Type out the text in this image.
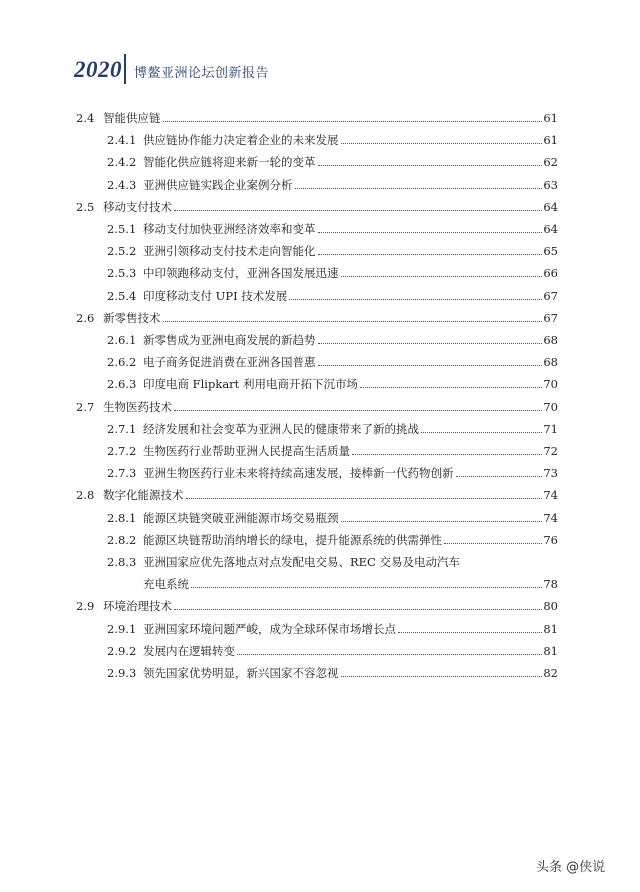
2020 博鳌亚洲论坛创新报告
2.4 智能供应链	61
2.4.1 供应链协作能力决定着企业的未来发展	61
2.4.2 智能化供应链将迎来新一轮的变革	62
2.4.3 亚洲供应链实践企业案例分析	63
2.5 移动支付技术	64
2.5.1 移动支付加快亚洲经济效率和变革	64
2.5.2 亚洲引领移动支付技术走向智能化	65
2.5.3 中印领跑移动支付，亚洲各国发展迅速	66
2.5.4 印度移动支付 UPI 技术发展	67
2.6 新零售技术	67
2.6.1 新零售成为亚洲电商发展的新趋势	68
2.6.2 电子商务促进消费在亚洲各国普惠	68
2.6.3 印度电商 Flipkart 利用电商开拓下沉市场	70
2.7 生物医药技术	70
2.7.1 经济发展和社会变革为亚洲人民的健康带来了新的挑战	71
2.7.2 生物医药行业帮助亚洲人民提高生活质量	72
2.7.3 亚洲生物医药行业未来将持续高速发展，接棒新一代药物创新	73
2.8 数字化能源技术	74
2.8.1 能源区块链突破亚洲能源市场交易瓶颈	74
2.8.2 能源区块链帮助消纳增长的绿电，提升能源系统的供需弹性	76
2.8.3 亚洲国家应优先落地点对点发配电交易、REC 交易及电动汽车
充电系统	78
2.9 环境治理技术	80
2.9.1 亚洲国家环境问题严峻，成为全球环保市场增长点	81
2.9.2 发展内在逻辑转变	81
2.9.3 领先国家优势明显，新兴国家不容忽视	82
头条 @侠说
